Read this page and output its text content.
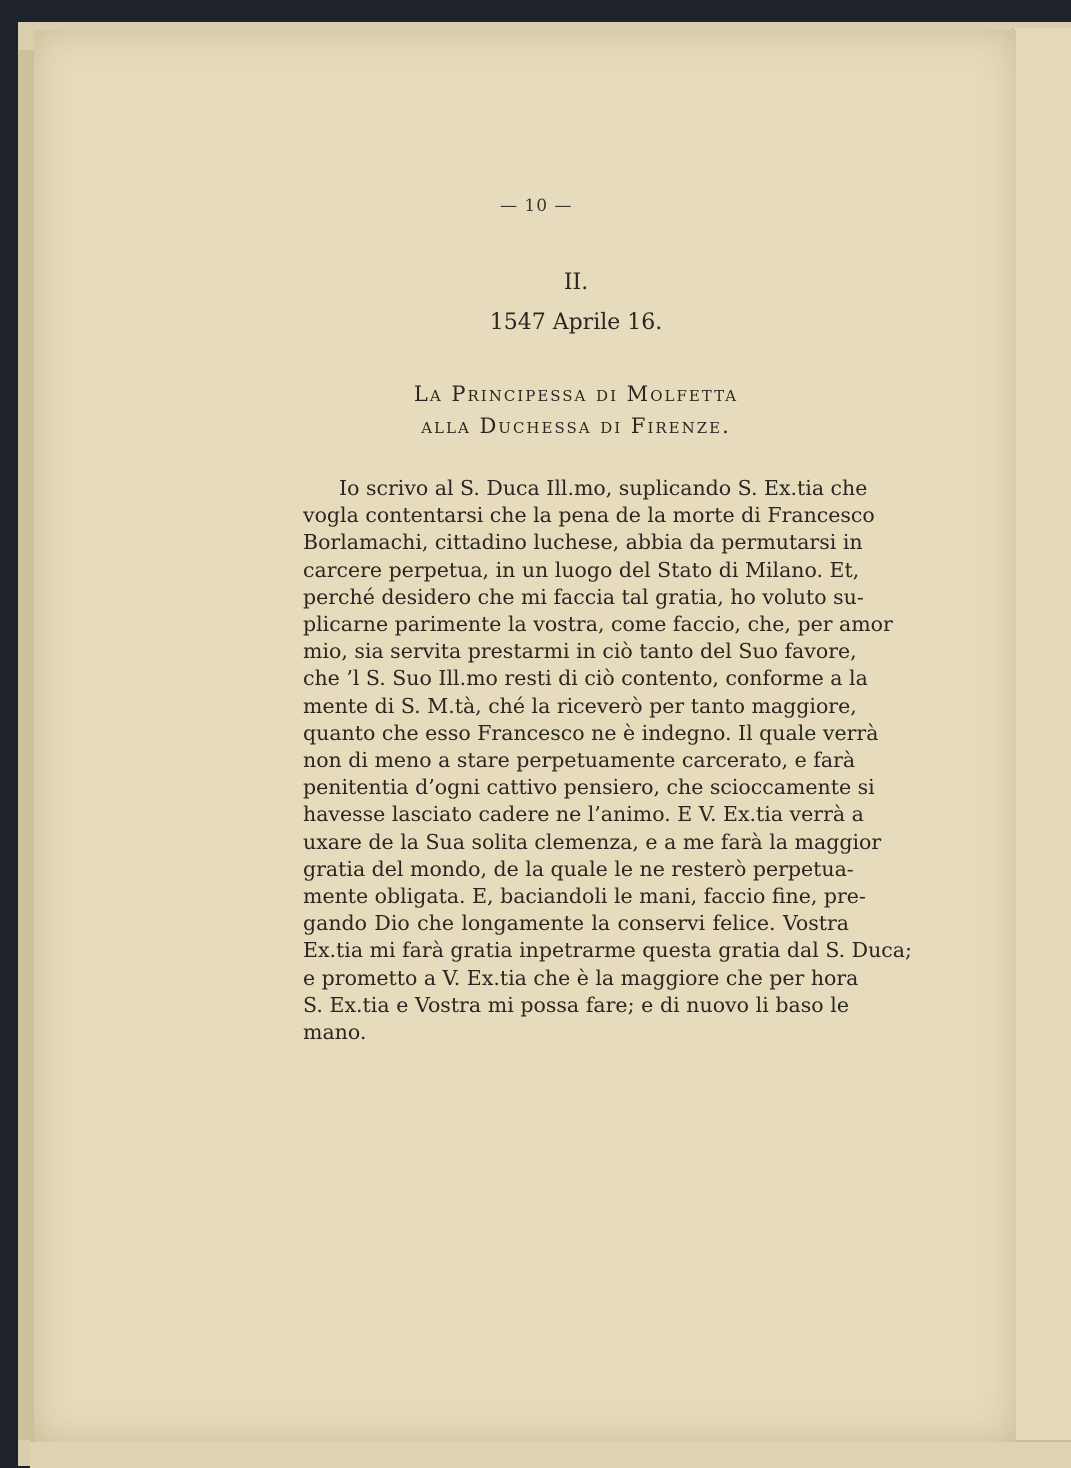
— 10 —
II.
1547 Aprile 16.
La Principessa di Molfetta
alla Duchessa di Firenze.
Io scrivo al S. Duca Ill.mo, suplicando S. Ex.tia che
vogla contentarsi che la pena de la morte di Francesco
Borlamachi, cittadino luchese, abbia da permutarsi in
carcere perpetua, in un luogo del Stato di Milano. Et,
perché desidero che mi faccia tal gratia, ho voluto su-
plicarne parimente la vostra, come faccio, che, per amor
mio, sia servita prestarmi in ciò tanto del Suo favore,
che ’l S. Suo Ill.mo resti di ciò contento, conforme a la
mente di S. M.tà, ché la riceverò per tanto maggiore,
quanto che esso Francesco ne è indegno. Il quale verrà
non di meno a stare perpetuamente carcerato, e farà
penitentia d’ogni cattivo pensiero, che scioccamente si
havesse lasciato cadere ne l’animo. E V. Ex.tia verrà a
uxare de la Sua solita clemenza, e a me farà la maggior
gratia del mondo, de la quale le ne resterò perpetua-
mente obligata. E, baciandoli le mani, faccio fine, pre-
gando Dio che longamente la conservi felice. Vostra
Ex.tia mi farà gratia inpetrarme questa gratia dal S. Duca;
e prometto a V. Ex.tia che è la maggiore che per hora
S. Ex.tia e Vostra mi possa fare; e di nuovo li baso le
mano.
